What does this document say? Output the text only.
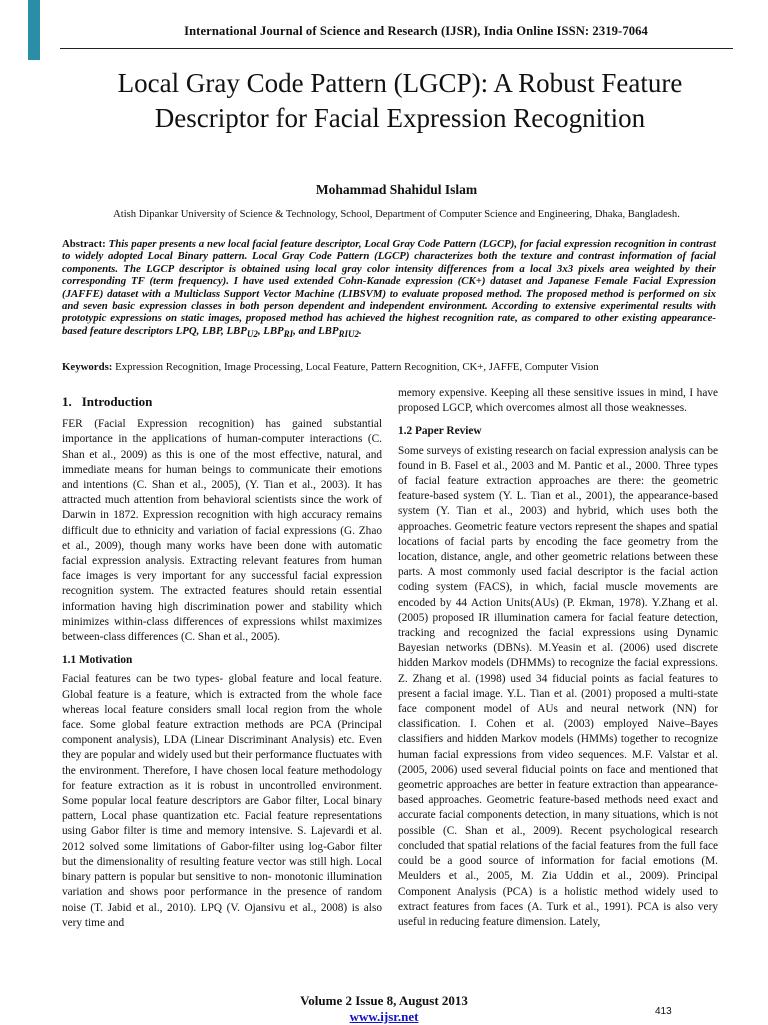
International Journal of Science and Research (IJSR), India Online ISSN: 2319-7064
Local Gray Code Pattern (LGCP): A Robust Feature Descriptor for Facial Expression Recognition
Mohammad Shahidul Islam
Atish Dipankar University of Science & Technology, School, Department of Computer Science and Engineering, Dhaka, Bangladesh.
Abstract: This paper presents a new local facial feature descriptor, Local Gray Code Pattern (LGCP), for facial expression recognition in contrast to widely adopted Local Binary pattern. Local Gray Code Pattern (LGCP) characterizes both the texture and contrast information of facial components. The LGCP descriptor is obtained using local gray color intensity differences from a local 3x3 pixels area weighted by their corresponding TF (term frequency). I have used extended Cohn-Kanade expression (CK+) dataset and Japanese Female Facial Expression (JAFFE) dataset with a Multiclass Support Vector Machine (LIBSVM) to evaluate proposed method. The proposed method is performed on six and seven basic expression classes in both person dependent and independent environment. According to extensive experimental results with prototypic expressions on static images, proposed method has achieved the highest recognition rate, as compared to other existing appearance-based feature descriptors LPQ, LBP, $LBP_{U2}$, $LBP_{RI}$, and $LBP_{RIU2}$.
Keywords: Expression Recognition, Image Processing, Local Feature, Pattern Recognition, CK+, JAFFE, Computer Vision
1. Introduction

FER (Facial Expression recognition) has gained substantial importance in the applications of human-computer interactions (C. Shan et al., 2009) as this is one of the most effective, natural, and immediate means for human beings to communicate their emotions and intentions (C. Shan et al., 2005), (Y. Tian et al., 2003). It has attracted much attention from behavioral scientists since the work of Darwin in 1872. Expression recognition with high accuracy remains difficult due to ethnicity and variation of facial expressions (G. Zhao et al., 2009), though many works have been done with automatic facial expression analysis. Extracting relevant features from human face images is very important for any successful facial expression recognition system. The extracted features should retain essential information having high discrimination power and stability which minimizes within-class differences of expressions whilst maximizes between-class differences (C. Shan et al., 2005).

1.1 Motivation

Facial features can be two types- global feature and local feature. Global feature is a feature, which is extracted from the whole face whereas local feature considers small local region from the whole face. Some global feature extraction methods are PCA (Principal component analysis), LDA (Linear Discriminant Analysis) etc. Even they are popular and widely used but their performance fluctuates with the environment. Therefore, I have chosen local feature methodology for feature extraction as it is robust in uncontrolled environment. Some popular local feature descriptors are Gabor filter, Local binary pattern, Local phase quantization etc. Facial feature representations using Gabor filter is time and memory intensive. S. Lajevardi et al. 2012 solved some limitations of Gabor-filter using log-Gabor filter but the dimensionality of resulting feature vector was still high. Local binary pattern is popular but sensitive to non- monotonic illumination variation and shows poor performance in the presence of random noise (T. Jabid et al., 2010). LPQ (V. Ojansivu et al., 2008) is also very time and

memory expensive. Keeping all these sensitive issues in mind, I have proposed LGCP, which overcomes almost all those weaknesses.

1.2 Paper Review

Some surveys of existing research on facial expression analysis can be found in B. Fasel et al., 2003 and M. Pantic et al., 2000. Three types of facial feature extraction approaches are there: the geometric feature-based system (Y. L. Tian et al., 2001), the appearance-based system (Y. Tian et al., 2003) and hybrid, which uses both the approaches. Geometric feature vectors represent the shapes and spatial locations of facial parts by encoding the face geometry from the location, distance, angle, and other geometric relations between these parts. A most commonly used facial descriptor is the facial action coding system (FACS), in which, facial muscle movements are encoded by 44 Action Units(AUs) (P. Ekman, 1978). Y.Zhang et al. (2005) proposed IR illumination camera for facial feature detection, tracking and recognized the facial expressions using Dynamic Bayesian networks (DBNs). M.Yeasin et al. (2006) used discrete hidden Markov models (DHMMs) to recognize the facial expressions. Z. Zhang et al. (1998) used 34 fiducial points as facial features to present a facial image. Y.L. Tian et al. (2001) proposed a multi-state face component model of AUs and neural network (NN) for classification. I. Cohen et al. (2003) employed Naive–Bayes classifiers and hidden Markov models (HMMs) together to recognize human facial expressions from video sequences. M.F. Valstar et al. (2005, 2006) used several fiducial points on face and mentioned that geometric approaches are better in feature extraction than appearance-based approaches. Geometric feature-based methods need exact and accurate facial components detection, in many situations, which is not possible (C. Shan et al., 2009). Recent psychological research concluded that spatial relations of the facial features from the full face could be a good source of information for facial emotions (M. Meulders et al., 2005, M. Zia Uddin et al., 2009). Principal Component Analysis (PCA) is a holistic method widely used to extract features from faces (A. Turk et al., 1991). PCA is also very useful in reducing feature dimension. Lately,

Volume 2 Issue 8, August 2013
www.ijsr.net	413
